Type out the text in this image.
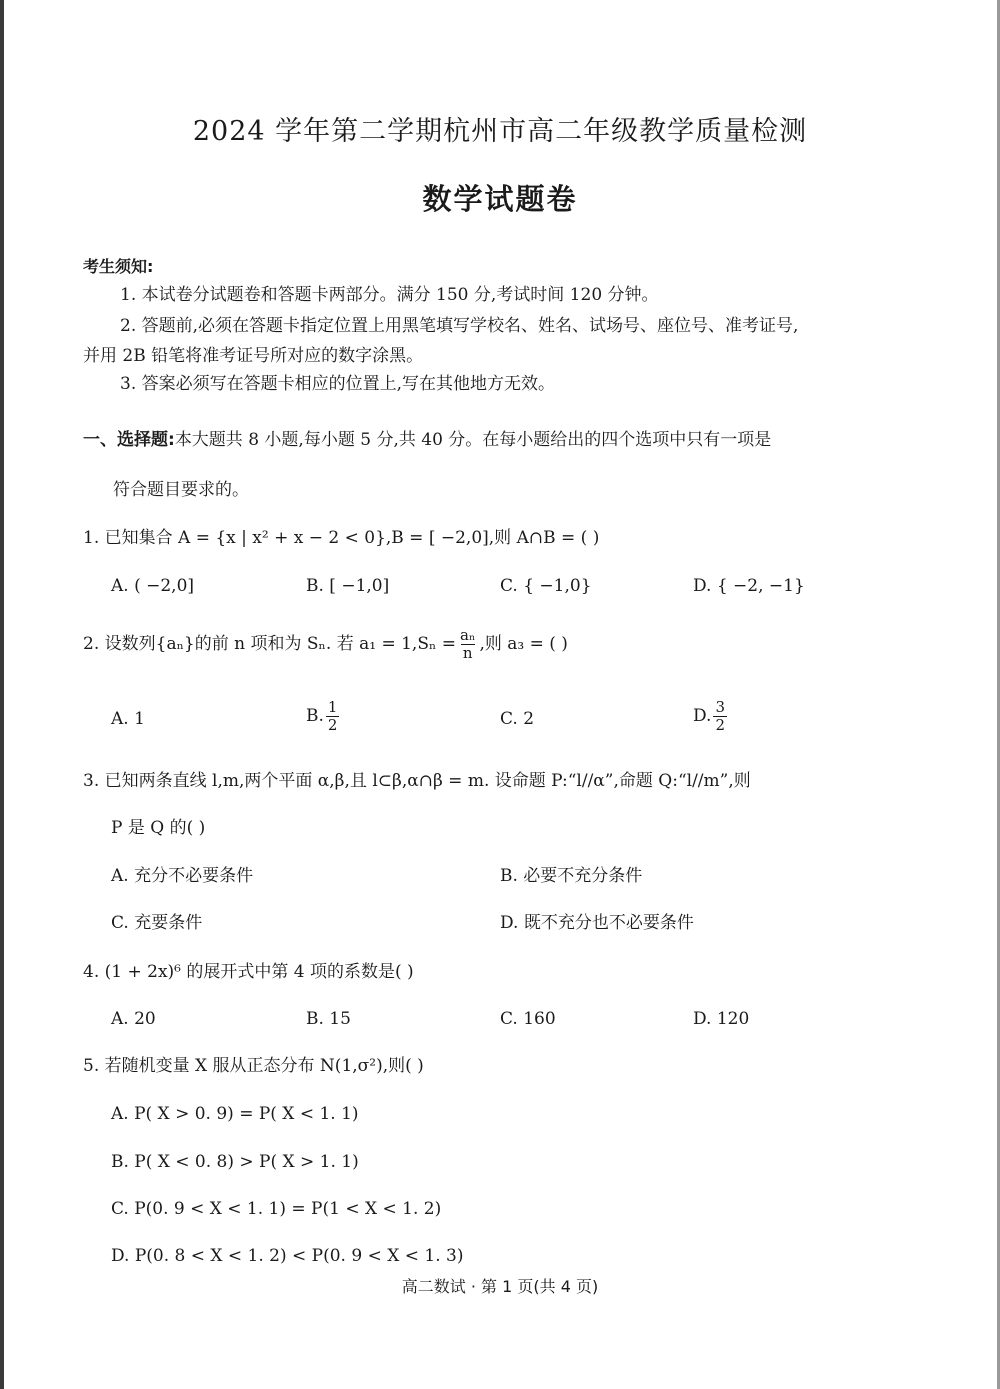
2024 学年第二学期杭州市高二年级教学质量检测
数学试题卷
考生须知:
1. 本试卷分试题卷和答题卡两部分。满分 150 分,考试时间 120 分钟。
2. 答题前,必须在答题卡指定位置上用黑笔填写学校名、姓名、试场号、座位号、准考证号,
并用 2B 铅笔将准考证号所对应的数字涂黑。
3. 答案必须写在答题卡相应的位置上,写在其他地方无效。
一、选择题:本大题共 8 小题,每小题 5 分,共 40 分。在每小题给出的四个选项中只有一项是
符合题目要求的。
1. 已知集合 A = {x | x² + x − 2 < 0},B = [ −2,0],则 A∩B = ( )
A. ( −2,0]	B. [ −1,0]	C. { −1,0}	D. { −2, −1}
2. 设数列{aₙ}的前 n 项和为 Sₙ. 若 $a_1 = 1,S_n = \frac{\text{aₙ}}{n}$ ,则 a₃ = ( )
A. 1	B. $\frac{1}{2}$	C. 2	D. $\frac{3}{2}$
3. 已知两条直线 l,m,两个平面 α,β,且 l⊂β,α∩β = m. 设命题 P:“l//α”,命题 Q:“l//m”,则
P 是 Q 的( )
A. 充分不必要条件	B. 必要不充分条件
C. 充要条件	D. 既不充分也不必要条件
4. (1 + 2x)⁶ 的展开式中第 4 项的系数是( )
A. 20	B. 15	C. 160	D. 120
5. 若随机变量 X 服从正态分布 N(1,σ²),则( )
A. P( X > 0. 9) = P( X < 1. 1)
B. P( X < 0. 8) > P( X > 1. 1)
C. P(0. 9 < X < 1. 1) = P(1 < X < 1. 2)
D. P(0. 8 < X < 1. 2) < P(0. 9 < X < 1. 3)
高二数试 · 第 1 页(共 4 页)
